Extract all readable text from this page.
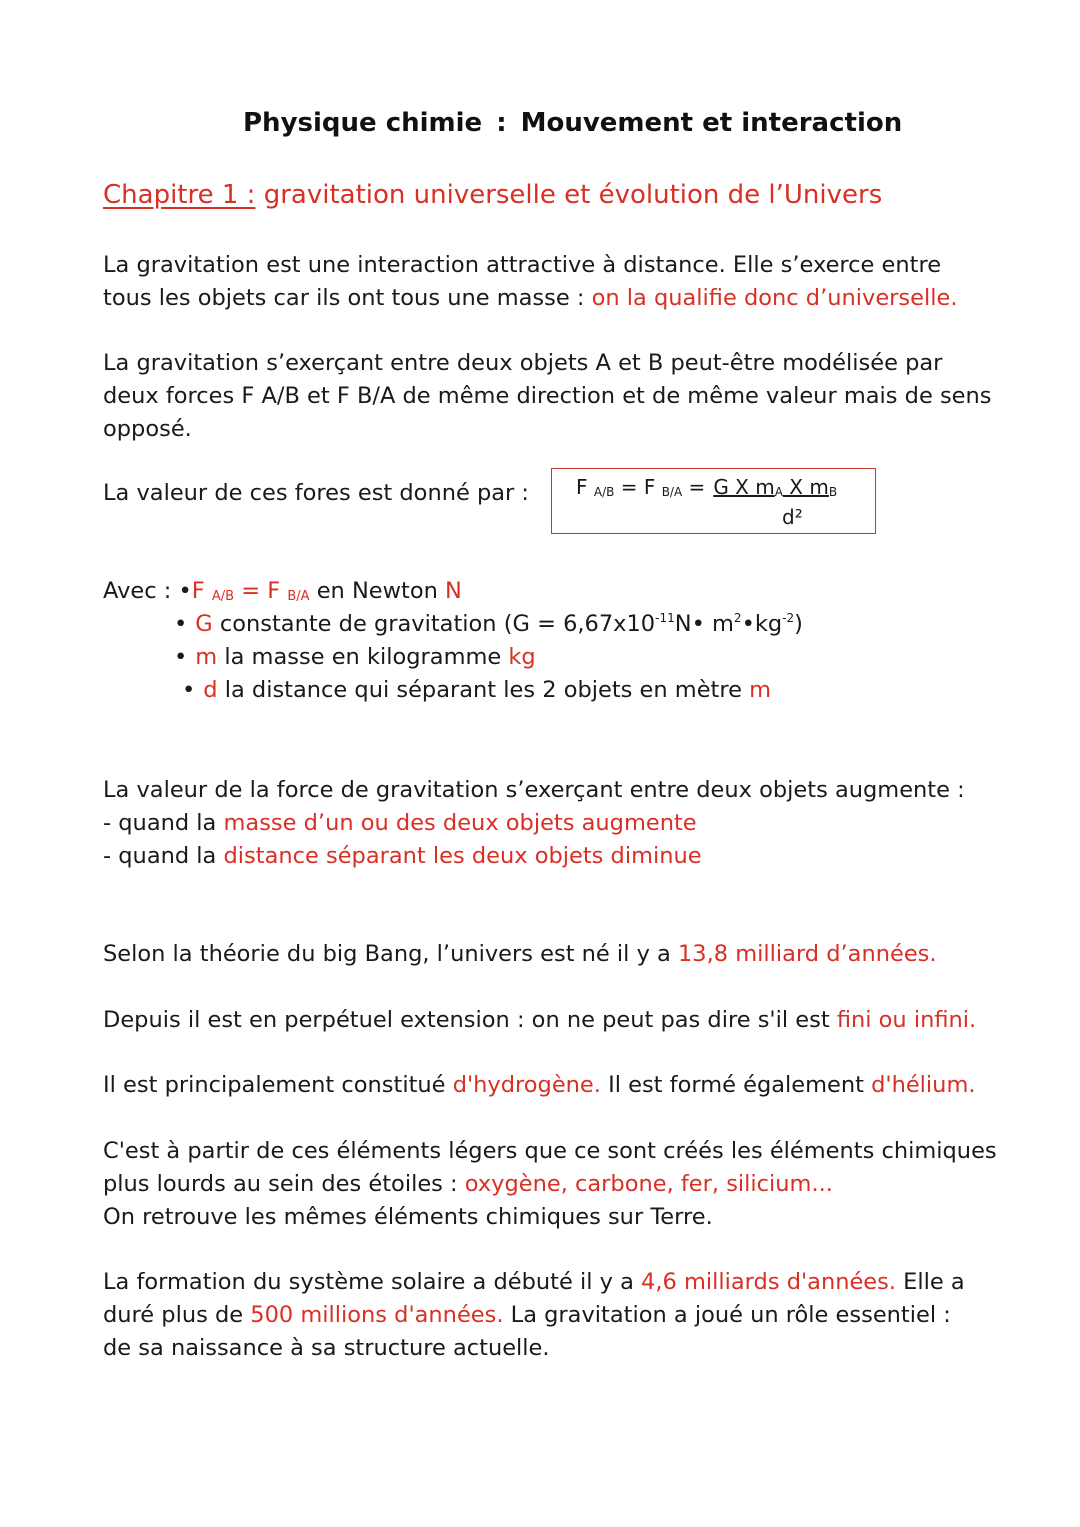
Physique chimie : Mouvement et interaction
Chapitre 1 : gravitation universelle et évolution de l’Univers
La gravitation est une interaction attractive à distance. Elle s’exerce entre
tous les objets car ils ont tous une masse : on la qualifie donc d’universelle.
La gravitation s’exerçant entre deux objets A et B peut-être modélisée par
deux forces F A/B et F B/A de même direction et de même valeur mais de sens
opposé.
La valeur de ces fores est donné par : F $_{A/B}$ = F $_{B/A}$ = G X $m_A$ X $m_B$
d²
Avec : •F $_{A/B}$ = F $_{B/A}$ en Newton N
• G constante de gravitation ($G = 6,67x10^{-11}N•$ $m^2•kg^{-2}$)
• m la masse en kilogramme kg
• d la distance qui séparant les 2 objets en mètre m
La valeur de la force de gravitation s’exerçant entre deux objets augmente :
- quand la masse d’un ou des deux objets augmente
- quand la distance séparant les deux objets diminue
Selon la théorie du big Bang, l’univers est né il y a 13,8 milliard d’années.
Depuis il est en perpétuel extension : on ne peut pas dire s'il est fini ou infini.
Il est principalement constitué d'hydrogène. Il est formé également d'hélium.
C'est à partir de ces éléments légers que ce sont créés les éléments chimiques
plus lourds au sein des étoiles : oxygène, carbone, fer, silicium...
On retrouve les mêmes éléments chimiques sur Terre.
La formation du système solaire a débuté il y a 4,6 milliards d'années. Elle a
duré plus de 500 millions d'années. La gravitation a joué un rôle essentiel :
de sa naissance à sa structure actuelle.
